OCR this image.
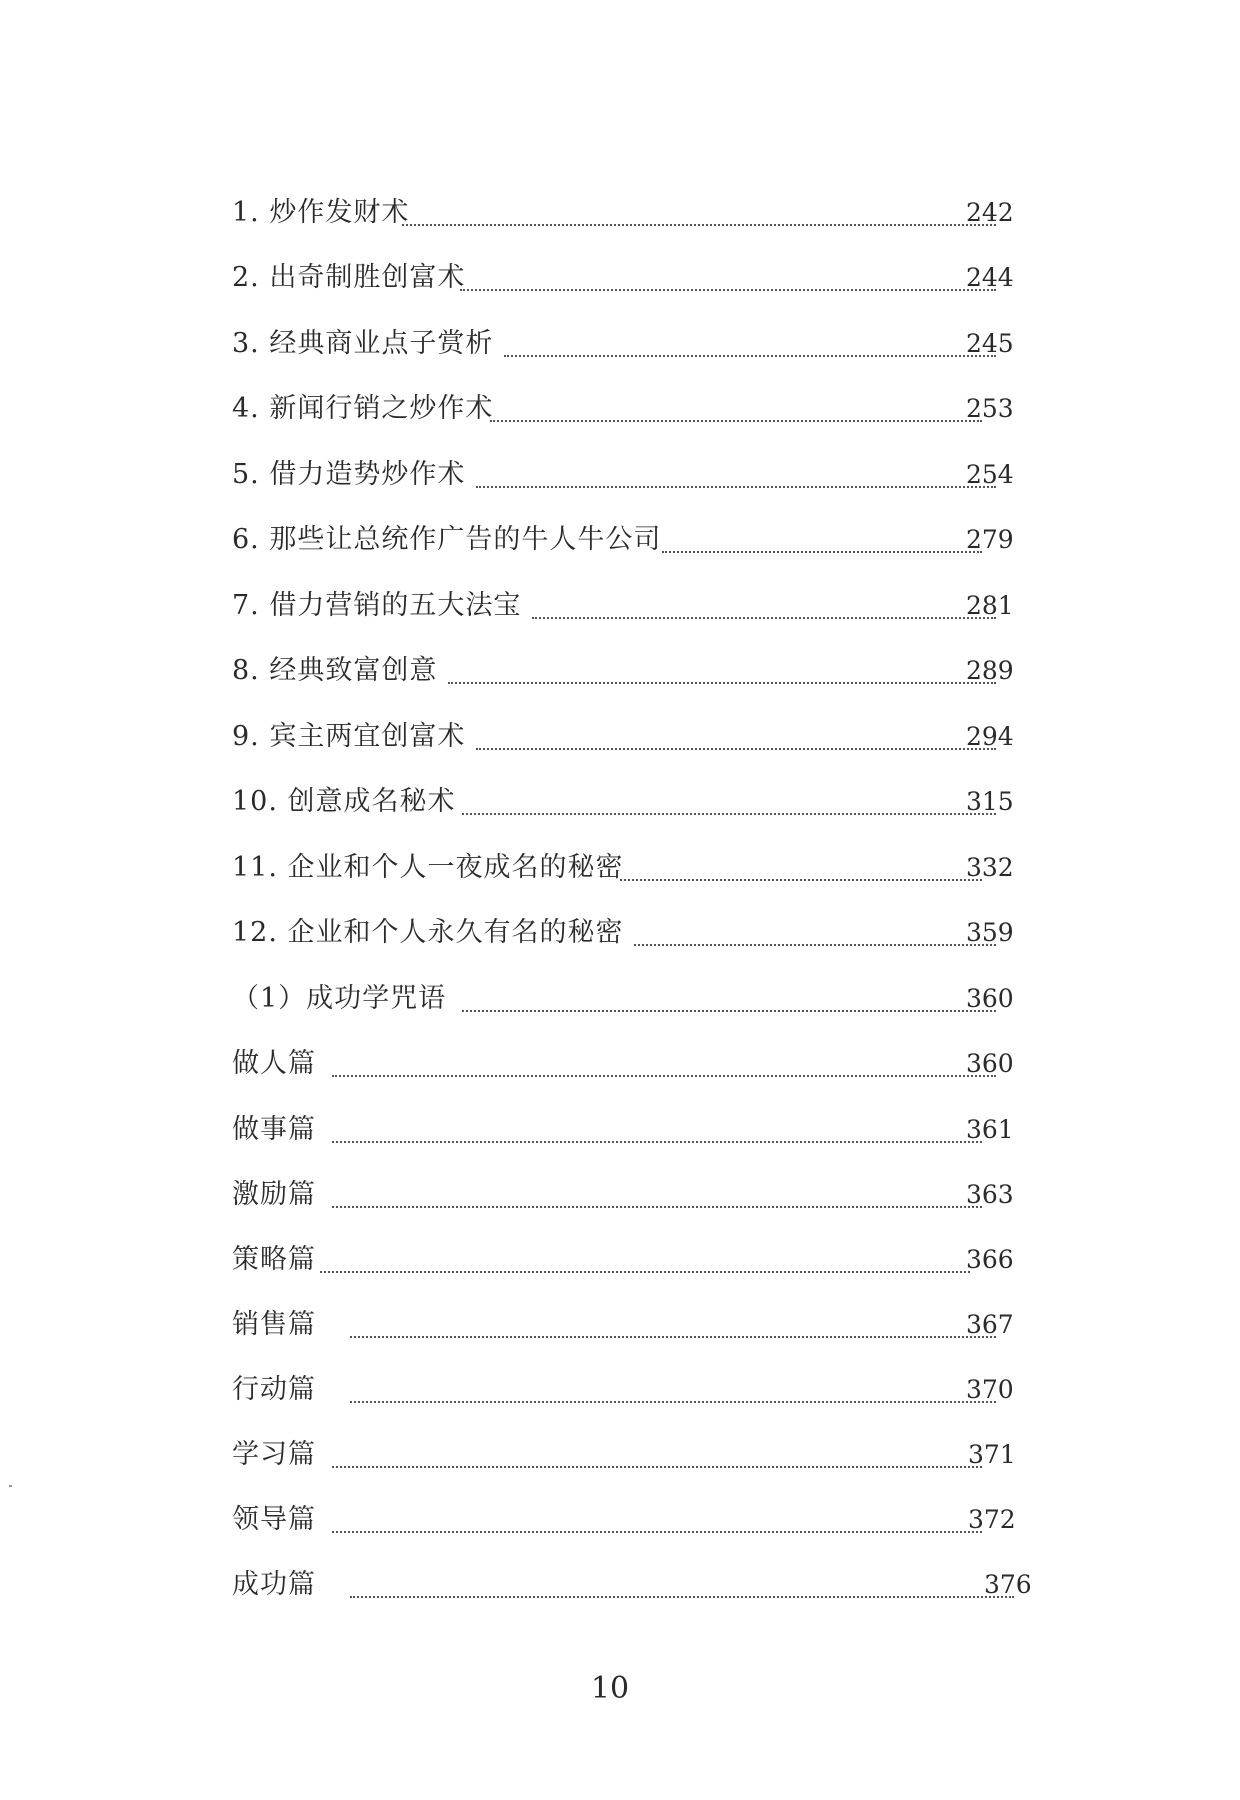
1. 炒作发财术	242
2. 出奇制胜创富术	244
3. 经典商业点子赏析	245
4. 新闻行销之炒作术	253
5. 借力造势炒作术	254
6. 那些让总统作广告的牛人牛公司	279
7. 借力营销的五大法宝	281
8. 经典致富创意	289
9. 宾主两宜创富术	294
10. 创意成名秘术	315
11. 企业和个人一夜成名的秘密	332
12. 企业和个人永久有名的秘密	359
（1）成功学咒语	360
做人篇	360
做事篇	361
激励篇	363
策略篇	366
销售篇	367
行动篇	370
学习篇	371
领导篇	372
成功篇	376
10
